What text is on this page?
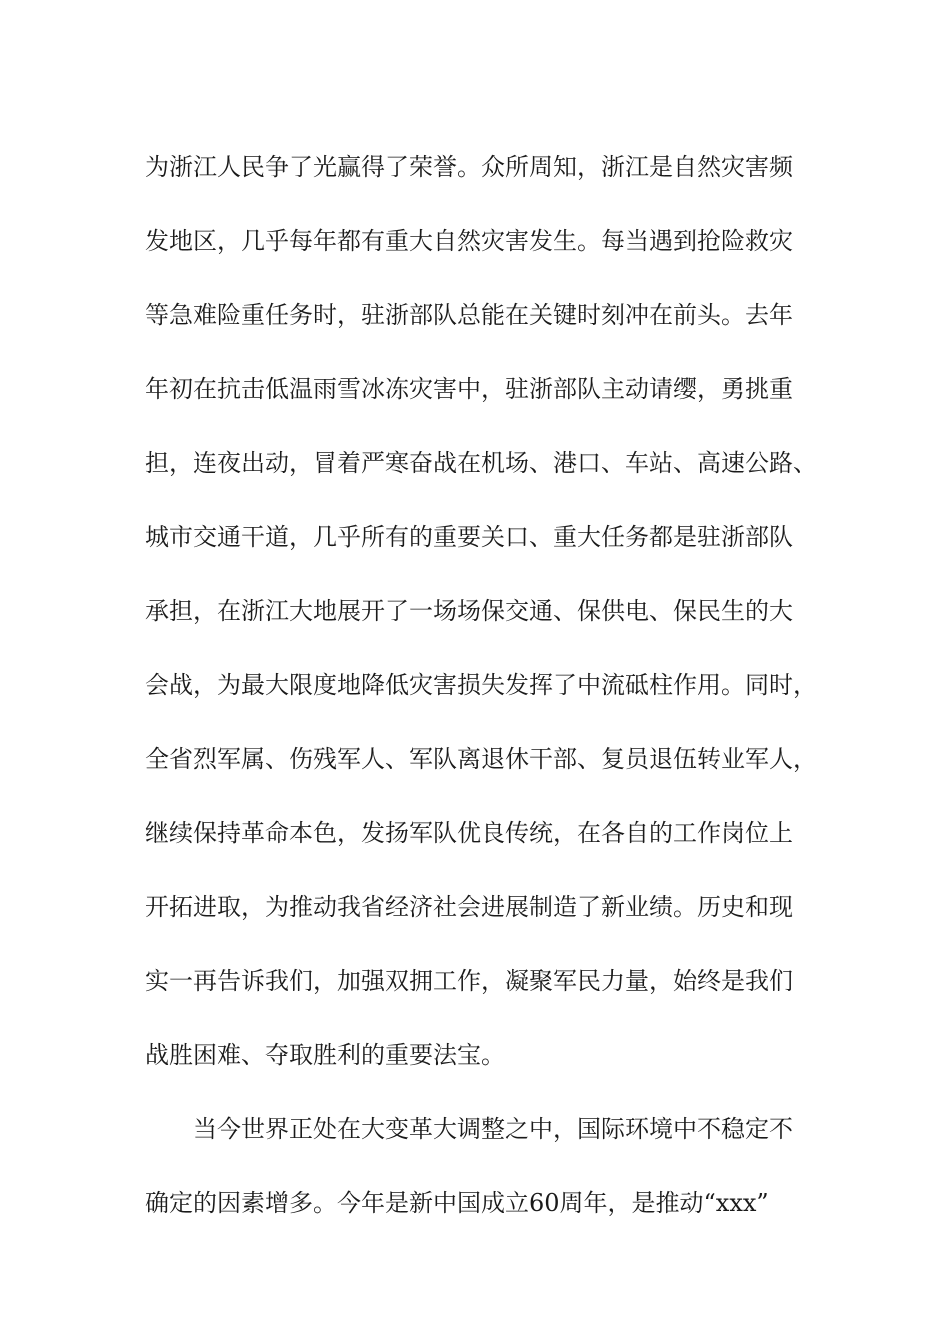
为浙江人民争了光赢得了荣誉。众所周知，浙江是自然灾害频
发地区，几乎每年都有重大自然灾害发生。每当遇到抢险救灾
等急难险重任务时，驻浙部队总能在关键时刻冲在前头。去年
年初在抗击低温雨雪冰冻灾害中，驻浙部队主动请缨，勇挑重
担，连夜出动，冒着严寒奋战在机场、港口、车站、高速公路、
城市交通干道，几乎所有的重要关口、重大任务都是驻浙部队
承担，在浙江大地展开了一场场保交通、保供电、保民生的大
会战，为最大限度地降低灾害损失发挥了中流砥柱作用。同时，
全省烈军属、伤残军人、军队离退休干部、复员退伍转业军人，
继续保持革命本色，发扬军队优良传统，在各自的工作岗位上
开拓进取，为推动我省经济社会进展制造了新业绩。历史和现
实一再告诉我们，加强双拥工作，凝聚军民力量，始终是我们
战胜困难、夺取胜利的重要法宝。
当今世界正处在大变革大调整之中，国际环境中不稳定不
确定的因素增多。今年是新中国成立60周年，是推动“xxx”
